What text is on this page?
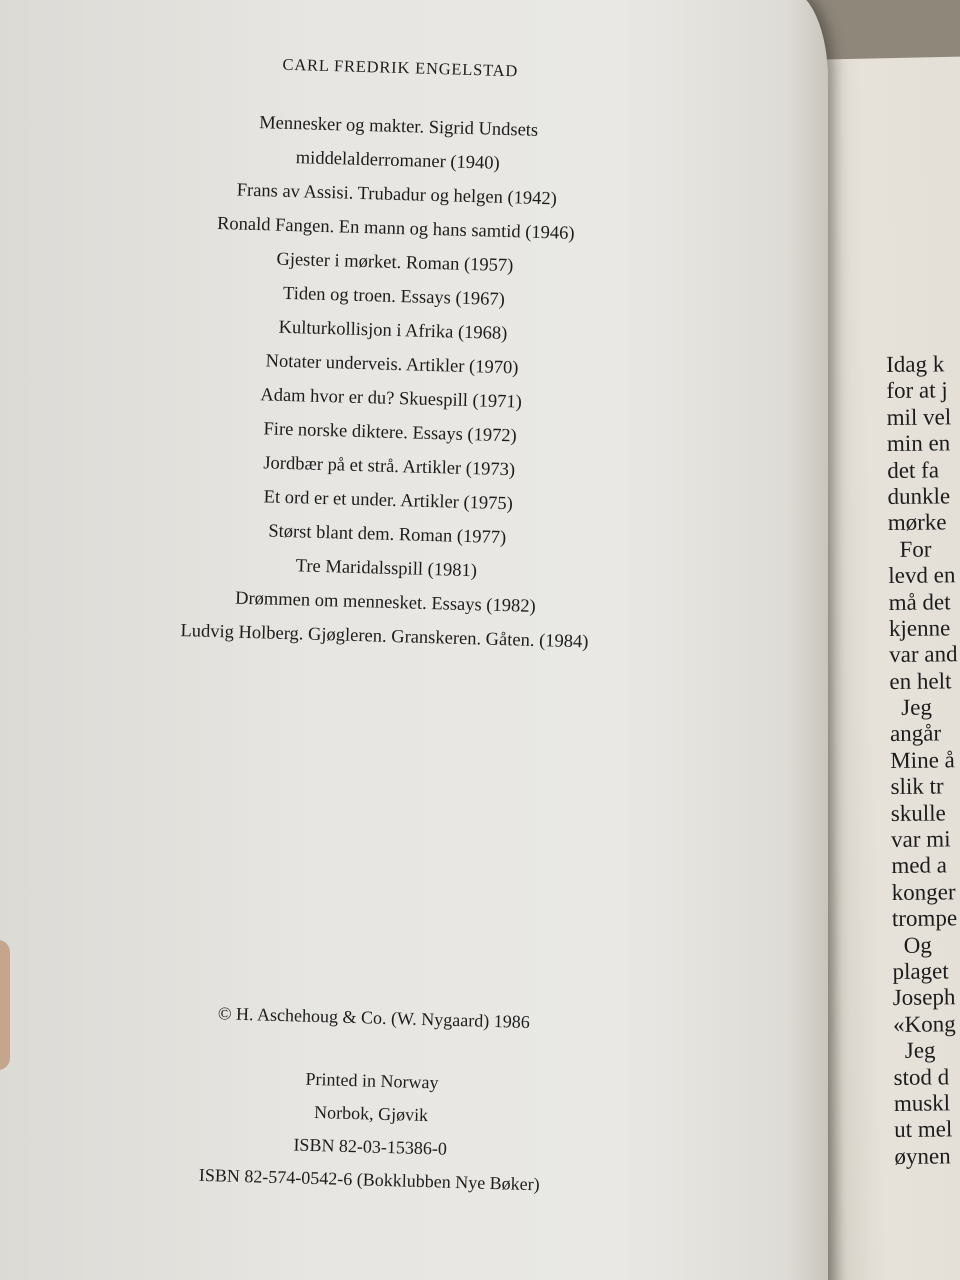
Idag k
for at j
mil vel
min en
det fa
dunkle
mørke
For
levd en
må det
kjenne
var and
en helt
Jeg
angår
Mine å
slik tr
skulle
var mi
med a
konger
trompe
Og
plaget
Joseph
«Kong
Jeg
stod d
muskl
ut mel
øynen
CARL FREDRIK ENGELSTAD
Mennesker og makter. Sigrid Undsets
middelalderromaner (1940)
Frans av Assisi. Trubadur og helgen (1942)
Ronald Fangen. En mann og hans samtid (1946)
Gjester i mørket. Roman (1957)
Tiden og troen. Essays (1967)
Kulturkollisjon i Afrika (1968)
Notater underveis. Artikler (1970)
Adam hvor er du? Skuespill (1971)
Fire norske diktere. Essays (1972)
Jordbær på et strå. Artikler (1973)
Et ord er et under. Artikler (1975)
Størst blant dem. Roman (1977)
Tre Maridalsspill (1981)
Drømmen om mennesket. Essays (1982)
Ludvig Holberg. Gjøgleren. Granskeren. Gåten. (1984)
© H. Aschehoug & Co. (W. Nygaard) 1986
Printed in Norway
Norbok, Gjøvik
ISBN 82-03-15386-0
ISBN 82-574-0542-6 (Bokklubben Nye Bøker)
